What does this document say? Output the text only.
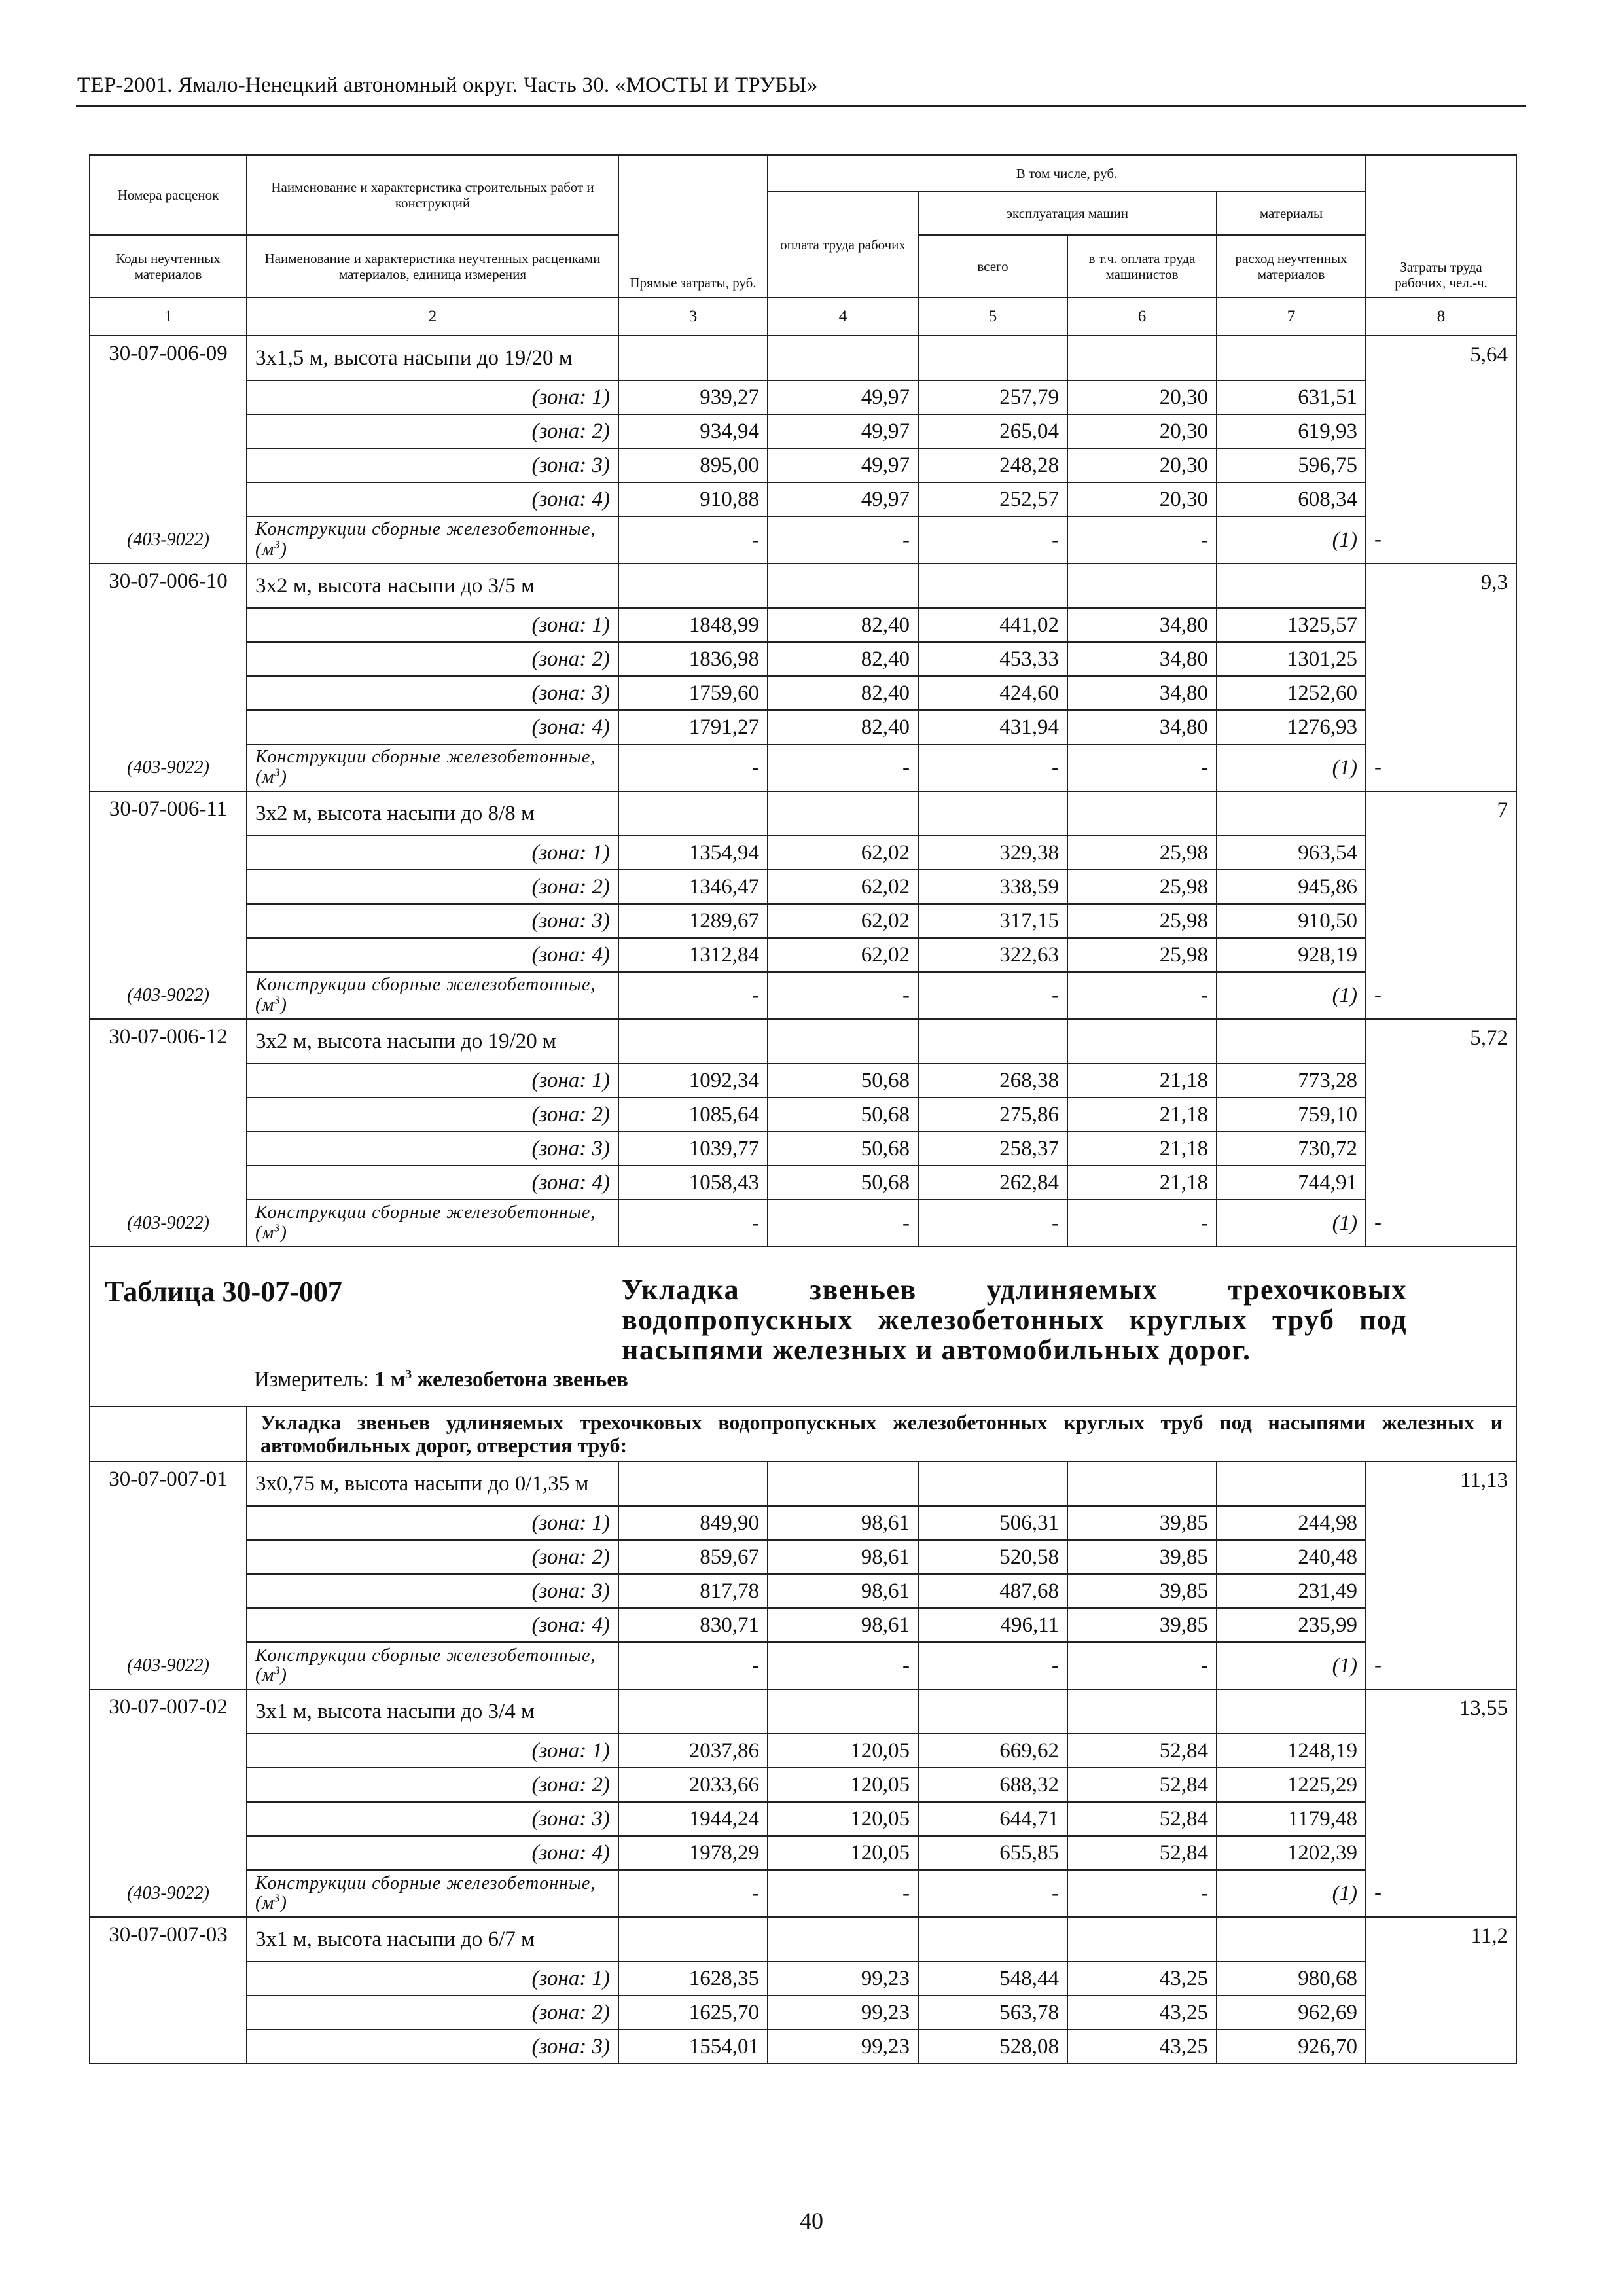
ТЕР-2001. Ямало-Ненецкий автономный округ. Часть 30. «МОСТЫ И ТРУБЫ»
Номера расценок	Наименование и характеристика строительных работ и конструкций	Прямые затраты, руб.	В том числе, руб.				Затраты труда рабочих, чел.-ч.
			оплата труда рабочих	эксплуатация машин		материалы	
Коды неучтенных материалов	Наименование и характеристика неучтенных расценками материалов, единица измерения			всего	в т.ч. оплата труда машинистов	расход неучтенных материалов	
1	2	3	4	5	6	7	8
30-07-006-09	3х1,5 м, высота насыпи до 19/20 м						5,64
	(зона: 1)	939,27	49,97	257,79	20,30	631,51	
	(зона: 2)	934,94	49,97	265,04	20,30	619,93	
	(зона: 3)	895,00	49,97	248,28	20,30	596,75	
	(зона: 4)	910,88	49,97	252,57	20,30	608,34	
(403-9022)	Конструкции сборные железобетонные, $(м^3)$	-	-	-	-	(1)	-
30-07-006-10	3х2 м, высота насыпи до 3/5 м						9,3
	(зона: 1)	1848,99	82,40	441,02	34,80	1325,57	
	(зона: 2)	1836,98	82,40	453,33	34,80	1301,25	
	(зона: 3)	1759,60	82,40	424,60	34,80	1252,60	
	(зона: 4)	1791,27	82,40	431,94	34,80	1276,93	
(403-9022)	Конструкции сборные железобетонные, $(м^3)$	-	-	-	-	(1)	-
30-07-006-11	3х2 м, высота насыпи до 8/8 м						7
	(зона: 1)	1354,94	62,02	329,38	25,98	963,54	
	(зона: 2)	1346,47	62,02	338,59	25,98	945,86	
	(зона: 3)	1289,67	62,02	317,15	25,98	910,50	
	(зона: 4)	1312,84	62,02	322,63	25,98	928,19	
(403-9022)	Конструкции сборные железобетонные, $(м^3)$	-	-	-	-	(1)	-
30-07-006-12	3х2 м, высота насыпи до 19/20 м						5,72
	(зона: 1)	1092,34	50,68	268,38	21,18	773,28	
	(зона: 2)	1085,64	50,68	275,86	21,18	759,10	
	(зона: 3)	1039,77	50,68	258,37	21,18	730,72	
	(зона: 4)	1058,43	50,68	262,84	21,18	744,91	
(403-9022)	Конструкции сборные железобетонные, $(м^3)$	-	-	-	-	(1)	-

Таблица 30-07-007 Укладка звеньев удлиняемых трехочковых водопропускных железобетонных круглых труб под насыпями железных и автомобильных дорог.
Измеритель: 1 $м^3$ железобетона звеньев							

	Укладка звеньев удлиняемых трехочковых водопропускных железобетонных круглых труб под насыпями железных и автомобильных дорог, отверстия труб:						
30-07-007-01	3х0,75 м, высота насыпи до 0/1,35 м						11,13
	(зона: 1)	849,90	98,61	506,31	39,85	244,98	
	(зона: 2)	859,67	98,61	520,58	39,85	240,48	
	(зона: 3)	817,78	98,61	487,68	39,85	231,49	
	(зона: 4)	830,71	98,61	496,11	39,85	235,99	
(403-9022)	Конструкции сборные железобетонные, $(м^3)$	-	-	-	-	(1)	-
30-07-007-02	3х1 м, высота насыпи до 3/4 м						13,55
	(зона: 1)	2037,86	120,05	669,62	52,84	1248,19	
	(зона: 2)	2033,66	120,05	688,32	52,84	1225,29	
	(зона: 3)	1944,24	120,05	644,71	52,84	1179,48	
	(зона: 4)	1978,29	120,05	655,85	52,84	1202,39	
(403-9022)	Конструкции сборные железобетонные, $(м^3)$	-	-	-	-	(1)	-
30-07-007-03	3х1 м, высота насыпи до 6/7 м						11,2
	(зона: 1)	1628,35	99,23	548,44	43,25	980,68	
	(зона: 2)	1625,70	99,23	563,78	43,25	962,69	
	(зона: 3)	1554,01	99,23	528,08	43,25	926,70	
40
